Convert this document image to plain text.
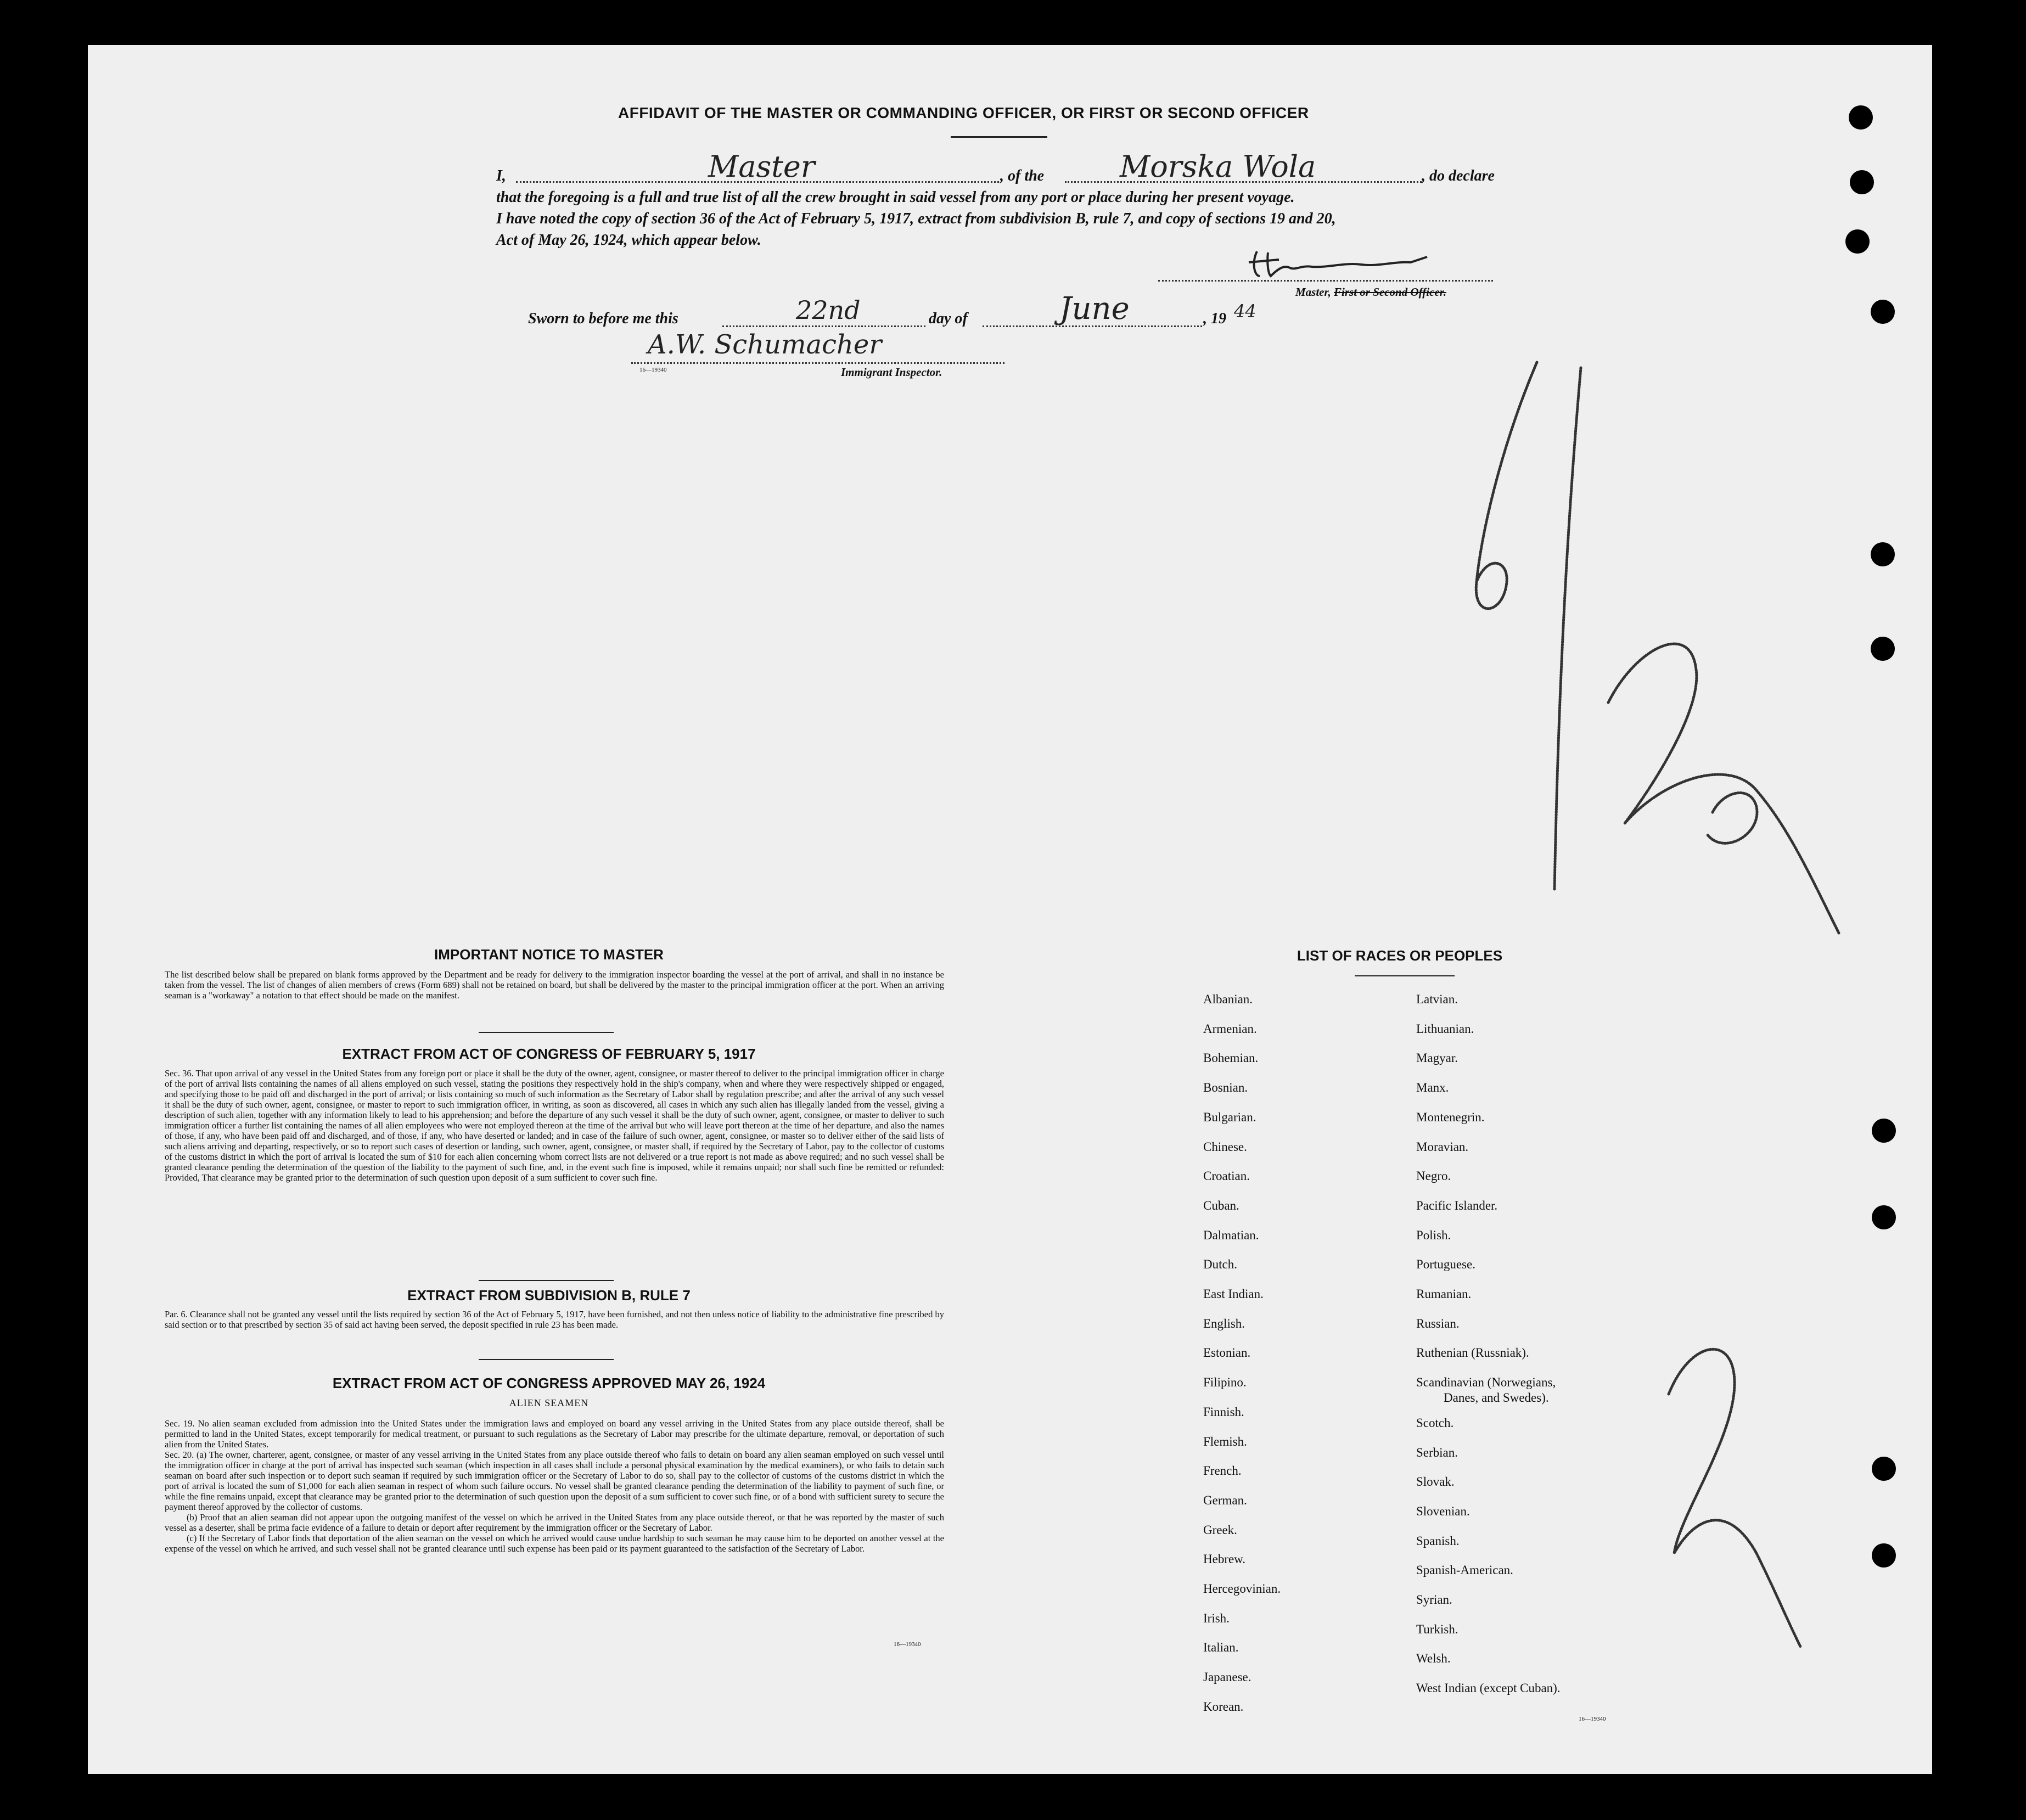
AFFIDAVIT OF THE MASTER OR COMMANDING OFFICER, OR FIRST OR SECOND OFFICER

I,	Master	, of the	Morska Wola	, do declare
that the foregoing is a full and true list of all the crew brought in said vessel from any port or place during her present voyage.
I have noted the copy of section 36 of the Act of February 5, 1917, extract from subdivision B, rule 7, and copy of sections 19 and 20,
Act of May 26, 1924, which appear below.
Master, First or Second Officer.
Sworn to before me this	22nd	day of	June	, 19 44
A.W. Schumacher
16—19340	Immigrant Inspector.
IMPORTANT NOTICE TO MASTER
The list described below shall be prepared on blank forms approved by the Department and be ready for delivery to the immigration inspector boarding the vessel at the port of arrival, and shall in no instance be taken from the vessel. The list of changes of alien members of crews (Form 689) shall not be retained on board, but shall be delivered by the master to the principal immigration officer at the port. When an arriving seaman is a "workaway" a notation to that effect should be made on the manifest.
EXTRACT FROM ACT OF CONGRESS OF FEBRUARY 5, 1917
Sec. 36. That upon arrival of any vessel in the United States from any foreign port or place it shall be the duty of the owner, agent, consignee, or master thereof to deliver to the principal immigration officer in charge of the port of arrival lists containing the names of all aliens employed on such vessel, stating the positions they respectively hold in the ship's company, when and where they were respectively shipped or engaged, and specifying those to be paid off and discharged in the port of arrival; or lists containing so much of such information as the Secretary of Labor shall by regulation prescribe; and after the arrival of any such vessel it shall be the duty of such owner, agent, consignee, or master to report to such immigration officer, in writing, as soon as discovered, all cases in which any such alien has illegally landed from the vessel, giving a description of such alien, together with any information likely to lead to his apprehension; and before the departure of any such vessel it shall be the duty of such owner, agent, consignee, or master to deliver to such immigration officer a further list containing the names of all alien employees who were not employed thereon at the time of the arrival but who will leave port thereon at the time of her departure, and also the names of those, if any, who have been paid off and discharged, and of those, if any, who have deserted or landed; and in case of the failure of such owner, agent, consignee, or master so to deliver either of the said lists of such aliens arriving and departing, respectively, or so to report such cases of desertion or landing, such owner, agent, consignee, or master shall, if required by the Secretary of Labor, pay to the collector of customs of the customs district in which the port of arrival is located the sum of $10 for each alien concerning whom correct lists are not delivered or a true report is not made as above required; and no such vessel shall be granted clearance pending the determination of the question of the liability to the payment of such fine, and, in the event such fine is imposed, while it remains unpaid; nor shall such fine be remitted or refunded: Provided, That clearance may be granted prior to the determination of such question upon deposit of a sum sufficient to cover such fine.
EXTRACT FROM SUBDIVISION B, RULE 7
Par. 6. Clearance shall not be granted any vessel until the lists required by section 36 of the Act of February 5, 1917, have been furnished, and not then unless notice of liability to the administrative fine prescribed by said section or to that prescribed by section 35 of said act having been served, the deposit specified in rule 23 has been made.
EXTRACT FROM ACT OF CONGRESS APPROVED MAY 26, 1924
ALIEN SEAMEN

Sec. 19. No alien seaman excluded from admission into the United States under the immigration laws and employed on board any vessel arriving in the United States from any place outside thereof, shall be permitted to land in the United States, except temporarily for medical treatment, or pursuant to such regulations as the Secretary of Labor may prescribe for the ultimate departure, removal, or deportation of such alien from the United States.

Sec. 20. (a) The owner, charterer, agent, consignee, or master of any vessel arriving in the United States from any place outside thereof who fails to detain on board any alien seaman employed on such vessel until the immigration officer in charge at the port of arrival has inspected such seaman (which inspection in all cases shall include a personal physical examination by the medical examiners), or who fails to detain such seaman on board after such inspection or to deport such seaman if required by such immigration officer or the Secretary of Labor to do so, shall pay to the collector of customs of the customs district in which the port of arrival is located the sum of $1,000 for each alien seaman in respect of whom such failure occurs. No vessel shall be granted clearance pending the determination of the liability to payment of such fine, or while the fine remains unpaid, except that clearance may be granted prior to the determination of such question upon the deposit of a sum sufficient to cover such fine, or of a bond with sufficient surety to secure the payment thereof approved by the collector of customs.

(b) Proof that an alien seaman did not appear upon the outgoing manifest of the vessel on which he arrived in the United States from any place outside thereof, or that he was reported by the master of such vessel as a deserter, shall be prima facie evidence of a failure to detain or deport after requirement by the immigration officer or the Secretary of Labor.

(c) If the Secretary of Labor finds that deportation of the alien seaman on the vessel on which he arrived would cause undue hardship to such seaman he may cause him to be deported on another vessel at the expense of the vessel on which he arrived, and such vessel shall not be granted clearance until such expense has been paid or its payment guaranteed to the satisfaction of the Secretary of Labor.

16—19340
LIST OF RACES OR PEOPLES
16—19340
Albanian.
Armenian.
Bohemian.
Bosnian.
Bulgarian.
Chinese.
Croatian.
Cuban.
Dalmatian.
Dutch.
East Indian.
English.
Estonian.
Filipino.
Finnish.
Flemish.
French.
German.
Greek.
Hebrew.
Hercegovinian.
Irish.
Italian.
Japanese.
Korean.
Latvian.
Lithuanian.
Magyar.
Manx.
Montenegrin.
Moravian.
Negro.
Pacific Islander.
Polish.
Portuguese.
Rumanian.
Russian.
Ruthenian (Russniak).
Scandinavian (Norwegians,
Danes, and Swedes).
Scotch.
Serbian.
Slovak.
Slovenian.
Spanish.
Spanish-American.
Syrian.
Turkish.
Welsh.
West Indian (except Cuban).
